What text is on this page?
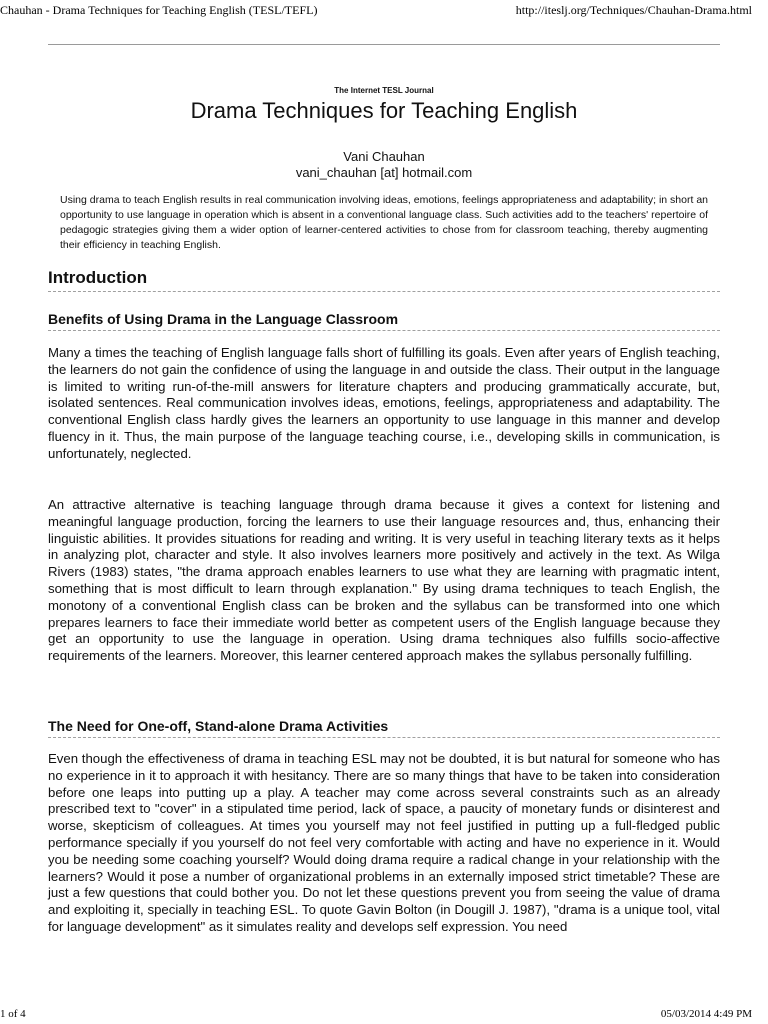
Chauhan - Drama Techniques for Teaching English (TESL/TEFL)	http://iteslj.org/Techniques/Chauhan-Drama.html
The Internet TESL Journal
Drama Techniques for Teaching English
Vani Chauhan
vani_chauhan [at] hotmail.com

Using drama to teach English results in real communication involving ideas, emotions, feelings appropriateness and adaptability; in short an opportunity to use language in operation which is absent in a conventional language class. Such activities add to the teachers' repertoire of pedagogic strategies giving them a wider option of learner-centered activities to chose from for classroom teaching, thereby augmenting their efficiency in teaching English.

Introduction
Benefits of Using Drama in the Language Classroom

Many a times the teaching of English language falls short of fulfilling its goals. Even after years of English teaching, the learners do not gain the confidence of using the language in and outside the class. Their output in the language is limited to writing run-of-the-mill answers for literature chapters and producing grammatically accurate, but, isolated sentences. Real communication involves ideas, emotions, feelings, appropriateness and adaptability. The conventional English class hardly gives the learners an opportunity to use language in this manner and develop fluency in it. Thus, the main purpose of the language teaching course, i.e., developing skills in communication, is unfortunately, neglected.

An attractive alternative is teaching language through drama because it gives a context for listening and meaningful language production, forcing the learners to use their language resources and, thus, enhancing their linguistic abilities. It provides situations for reading and writing. It is very useful in teaching literary texts as it helps in analyzing plot, character and style. It also involves learners more positively and actively in the text. As Wilga Rivers (1983) states, "the drama approach enables learners to use what they are learning with pragmatic intent, something that is most difficult to learn through explanation." By using drama techniques to teach English, the monotony of a conventional English class can be broken and the syllabus can be transformed into one which prepares learners to face their immediate world better as competent users of the English language because they get an opportunity to use the language in operation. Using drama techniques also fulfills socio-affective requirements of the learners. Moreover, this learner centered approach makes the syllabus personally fulfilling.

The Need for One-off, Stand-alone Drama Activities

Even though the effectiveness of drama in teaching ESL may not be doubted, it is but natural for someone who has no experience in it to approach it with hesitancy. There are so many things that have to be taken into consideration before one leaps into putting up a play. A teacher may come across several constraints such as an already prescribed text to "cover" in a stipulated time period, lack of space, a paucity of monetary funds or disinterest and worse, skepticism of colleagues. At times you yourself may not feel justified in putting up a full-fledged public performance specially if you yourself do not feel very comfortable with acting and have no experience in it. Would you be needing some coaching yourself? Would doing drama require a radical change in your relationship with the learners? Would it pose a number of organizational problems in an externally imposed strict timetable? These are just a few questions that could bother you. Do not let these questions prevent you from seeing the value of drama and exploiting it, specially in teaching ESL. To quote Gavin Bolton (in Dougill J. 1987), "drama is a unique tool, vital for language development" as it simulates reality and develops self expression. You need

1 of 4	05/03/2014 4:49 PM
